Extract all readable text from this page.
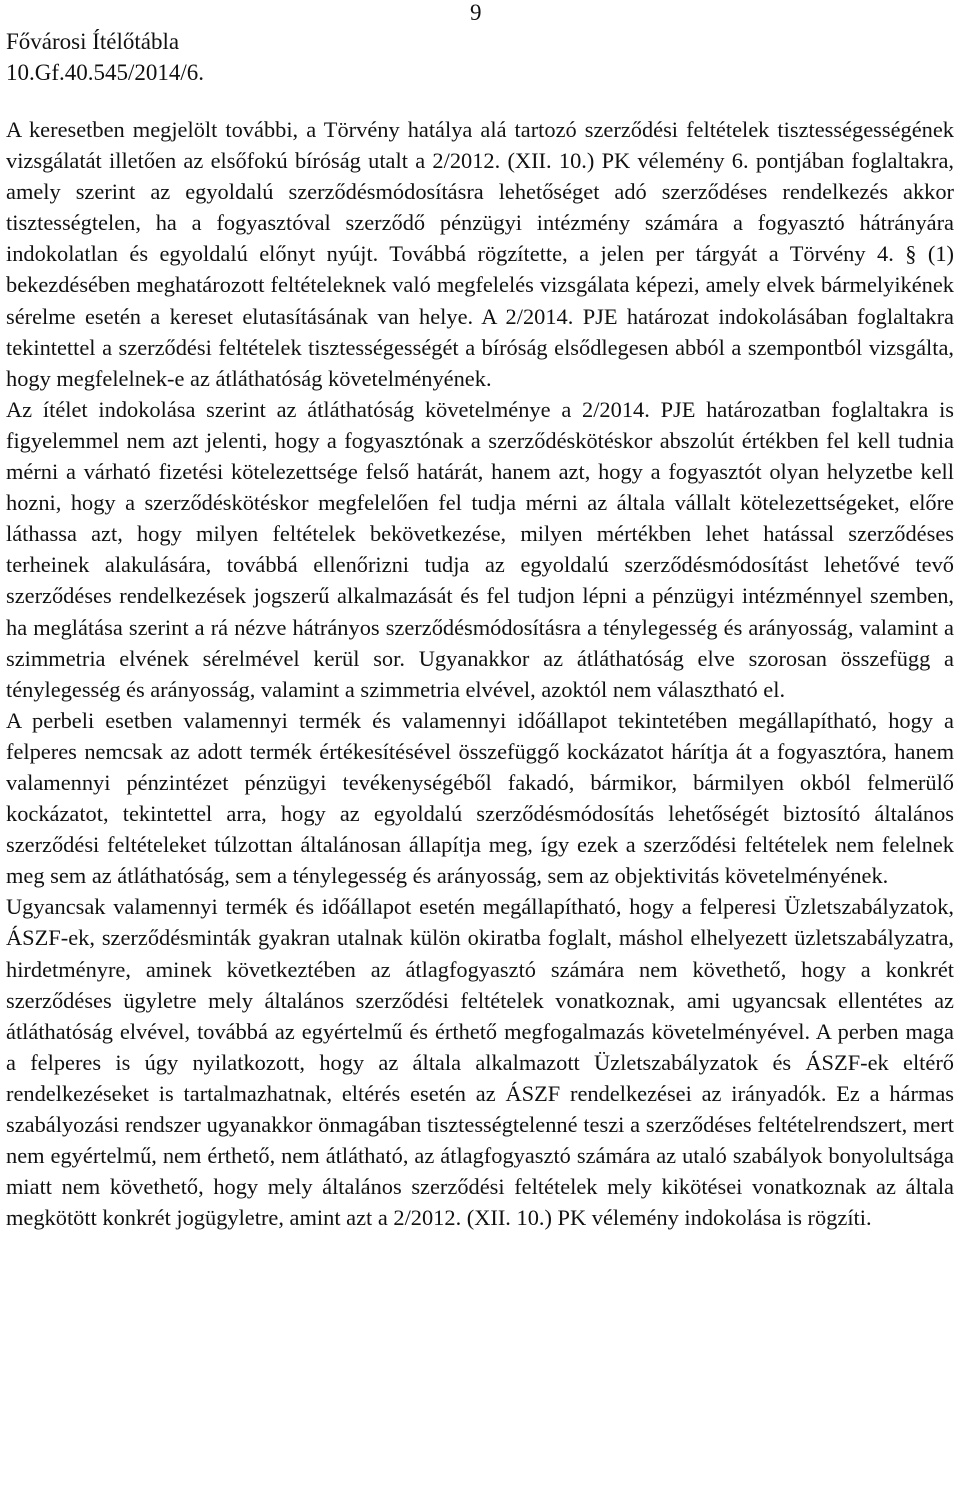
9
Fővárosi Ítélőtábla
10.Gf.40.545/2014/6.

A keresetben megjelölt további, a Törvény hatálya alá tartozó szerződési feltételek tisztességességének vizsgálatát illetően az elsőfokú bíróság utalt a 2/2012. (XII. 10.) PK vélemény 6. pontjában foglaltakra, amely szerint az egyoldalú szerződésmódosításra lehetőséget adó szerződéses rendelkezés akkor tisztességtelen, ha a fogyasztóval szerződő pénzügyi intézmény számára a fogyasztó hátrányára indokolatlan és egyoldalú előnyt nyújt. Továbbá rögzítette, a jelen per tárgyát a Törvény 4. § (1) bekezdésében meghatározott feltételeknek való megfelelés vizsgálata képezi, amely elvek bármelyikének sérelme esetén a kereset elutasításának van helye. A 2/2014. PJE határozat indokolásában foglaltakra tekintettel a szerződési feltételek tisztességességét a bíróság elsődlegesen abból a szempontból vizsgálta, hogy megfelelnek-e az átláthatóság követelményének.

Az ítélet indokolása szerint az átláthatóság követelménye a 2/2014. PJE határozatban foglaltakra is figyelemmel nem azt jelenti, hogy a fogyasztónak a szerződéskötéskor abszolút értékben fel kell tudnia mérni a várható fizetési kötelezettsége felső határát, hanem azt, hogy a fogyasztót olyan helyzetbe kell hozni, hogy a szerződéskötéskor megfelelően fel tudja mérni az általa vállalt kötelezettségeket, előre láthassa azt, hogy milyen feltételek bekövetkezése, milyen mértékben lehet hatással szerződéses terheinek alakulására, továbbá ellenőrizni tudja az egyoldalú szerződésmódosítást lehetővé tevő szerződéses rendelkezések jogszerű alkalmazását és fel tudjon lépni a pénzügyi intézménnyel szemben, ha meglátása szerint a rá nézve hátrányos szerződésmódosításra a ténylegesség és arányosság, valamint a szimmetria elvének sérelmével kerül sor. Ugyanakkor az átláthatóság elve szorosan összefügg a ténylegesség és arányosság, valamint a szimmetria elvével, azoktól nem választható el.

A perbeli esetben valamennyi termék és valamennyi időállapot tekintetében megállapítható, hogy a felperes nemcsak az adott termék értékesítésével összefüggő kockázatot hárítja át a fogyasztóra, hanem valamennyi pénzintézet pénzügyi tevékenységéből fakadó, bármikor, bármilyen okból felmerülő kockázatot, tekintettel arra, hogy az egyoldalú szerződésmódosítás lehetőségét biztosító általános szerződési feltételeket túlzottan általánosan állapítja meg, így ezek a szerződési feltételek nem felelnek meg sem az átláthatóság, sem a ténylegesség és arányosság, sem az objektivitás követelményének.

Ugyancsak valamennyi termék és időállapot esetén megállapítható, hogy a felperesi Üzletszabályzatok, ÁSZF-ek, szerződésminták gyakran utalnak külön okiratba foglalt, máshol elhelyezett üzletszabályzatra, hirdetményre, aminek következtében az átlagfogyasztó számára nem követhető, hogy a konkrét szerződéses ügyletre mely általános szerződési feltételek vonatkoznak, ami ugyancsak ellentétes az átláthatóság elvével, továbbá az egyértelmű és érthető megfogalmazás követelményével. A perben maga a felperes is úgy nyilatkozott, hogy az általa alkalmazott Üzletszabályzatok és ÁSZF-ek eltérő rendelkezéseket is tartalmazhatnak, eltérés esetén az ÁSZF rendelkezései az irányadók. Ez a hármas szabályozási rendszer ugyanakkor önmagában tisztességtelenné teszi a szerződéses feltételrendszert, mert nem egyértelmű, nem érthető, nem átlátható, az átlagfogyasztó számára az utaló szabályok bonyolultsága miatt nem követhető, hogy mely általános szerződési feltételek mely kikötései vonatkoznak az általa megkötött konkrét jogügyletre, amint azt a 2/2012. (XII. 10.) PK vélemény indokolása is rögzíti.
